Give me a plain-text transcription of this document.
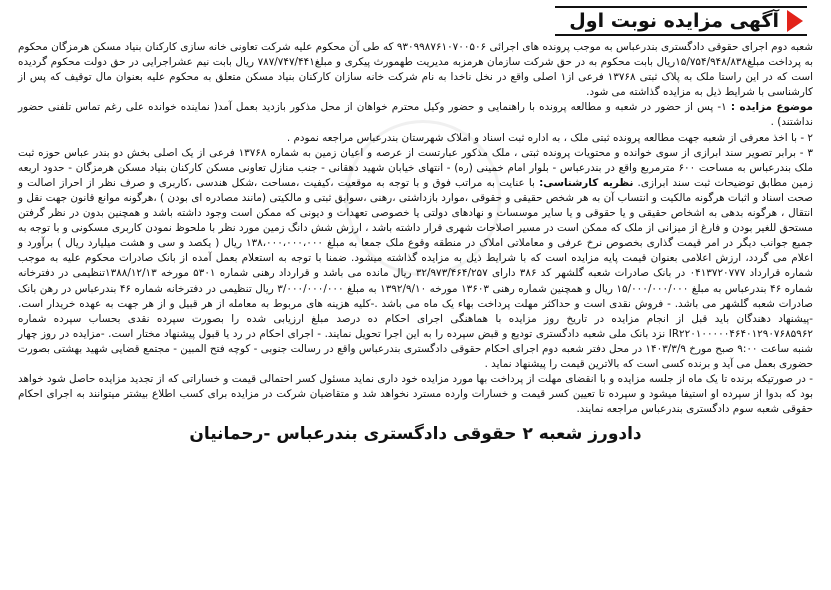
آگهی مزایده نوبت اول

شعبه دوم اجرای حقوقی دادگستری بندرعباس به موجب پرونده های اجرائی ۹۳۰۹۹۸۷۶۱۰۷۰۰۵۰۶ که طی آن محکوم علیه شرکت تعاونی خانه سازی کارکنان بنیاد مسکن هرمزگان محکوم به پرداخت مبلغ۱۵/۷۵۴/۹۴۸/۸۳۸ریال بابت محکوم به در حق شرکت سازمان هرمزبه مدیریت طهمورث پیکری و مبلغ۷۸۷/۷۴۷/۴۴۱ ریال بابت نیم عشراجرایی در حق دولت محکوم گردیده است که در این راستا ملک به پلاک ثبتی ۱۳۷۶۸ فرعی از۱ اصلی واقع در نخل ناخدا به نام شرکت خانه سازان کارکنان بنیاد مسکن متعلق به محکوم علیه بعنوان مال توقیف که پس از کارشناسی با شرایط ذیل به مزایده گذاشته می شود.

موضوع مزایده : ۱- پس از حضور در شعبه و مطالعه پرونده با راهنمایی و حضور وکیل محترم خواهان از محل مذکور بازدید بعمل آمد( نماینده خوانده علی رغم تماس تلفنی حضور نداشتند) .

۲ - با اخذ معرفی از شعبه جهت مطالعه پرونده ثبتی ملک ، به اداره ثبت اسناد و املاک شهرستان بندرعباس مراجعه نمودم .

۳ - برابر تصویر سند ابرازی از سوی خوانده و محتویات پرونده ثبتی ، ملک مذکور عبارتست از عرصه و اعیان زمین به شماره ۱۳۷۶۸ فرعی از یک اصلی بخش دو بندر عباس حوزه ثبت ملک بندرعباس به مساحت ۶۰۰ مترمربع واقع در بندرعباس - بلوار امام خمینی (ره) - انتهای خیابان شهید دهقانی - جنب منازل تعاونی مسکن کارکنان بنیاد مسکن هرمزگان - حدود اربعه زمین مطابق توضیحات ثبت سند ابرازی. نظریه کارشناسی: با عنایت به مراتب فوق و با توجه به موقعیت ،کیفیت ،مساحت ،شکل هندسی ،کاربری و صرف نظر از احراز اصالت و صحت اسناد و اثبات هرگونه مالکیت و انتساب آن به هر شخص حقیقی و حقوقی ،موارد بازداشتی ،رهنی ،سوابق ثبتی و مالکیتی (مانند مصادره ای بودن ) ،هرگونه موانع قانون جهت نقل و انتقال ، هرگونه بدهی به اشخاص حقیقی و یا حقوقی و یا سایر موسسات و نهادهای دولتی یا خصوصی تعهدات و دیونی که ممکن است وجود داشته باشد و همچنین بدون در نظر گرفتن مستحق للغیر بودن و فارغ از میزانی از ملک که ممکن است در مسیر اصلاحات شهری قرار داشته باشد ، ارزش شش دانگ زمین مورد نظر با ملحوظ نمودن کاربری مسکونی و با توجه به جمیع جوانب دیگر در امر قیمت گذاری بخصوص نرخ عرفی و معاملاتی املاک در منطقه وقوع ملک جمعا به مبلغ ۱۳۸،۰۰۰،۰۰۰،۰۰۰ ریال ( یکصد و سی و هشت میلیارد ریال ) برآورد و اعلام می گردد، ارزش اعلامی بعنوان قیمت پایه مزایده است که با شرایط ذیل به مزایده گذاشته میشود. ضمنا با توجه به استعلام بعمل آمده از بانک صادرات محکوم علیه به موجب شماره قرارداد ۰۴۱۳۷۲۰۷۷۷ در بانک صادرات شعبه گلشهر کد ۳۸۶ دارای ۳۲/۹۷۳/۴۶۴/۲۵۷ ریال مانده می باشد و قرارداد رهنی شماره ۵۳۰۱ مورخه ۱۳۸۸/۱۲/۱۳تنظیمی در دفترخانه شماره ۴۶ بندرعباس به مبلغ ۱۵/۰۰۰/۰۰۰/۰۰۰ ریال و همچنین شماره رهنی ۱۳۶۰۳ مورخه ۱۳۹۲/۹/۱۰ به مبلغ ۳/۰۰۰/۰۰۰/۰۰۰ ریال تنظیمی در دفترخانه شماره ۴۶ بندرعباس در رهن بانک صادرات شعبه گلشهر می باشد. - فروش نقدی است و حداکثر مهلت پرداخت بهاء یک ماه می باشد .-کلیه هزینه های مربوط به معامله از هر قبیل و از هر جهت به عهده خریدار است. -پیشنهاد دهندگان باید قبل از انجام مزایده در تاریخ روز مزایده با هماهنگی اجرای احکام ده درصد مبلغ ارزیابی شده را بصورت سپرده نقدی بحساب سپرده شماره IR۲۲۰۱۰۰۰۰۰۴۶۴۰۱۲۹۰۷۶۸۵۹۶۲ نزد بانک ملی شعبه دادگستری تودیع و قبض سپرده را به این اجرا تحویل نمایند. - اجرای احکام در رد یا قبول پیشنهاد مختار است. -مزایده در روز چهار شنبه ساعت ۹:۰۰ صبح مورخ ۱۴۰۳/۳/۹ در محل دفتر شعبه دوم اجرای احکام حقوقی دادگستری بندرعباس واقع در رسالت جنوبی - کوچه فتح المبین - مجتمع قضایی شهید بهشتی بصورت حضوری بعمل می آید و برنده کسی است که بالاترین قیمت را پیشنهاد نماید .

- در صورتیکه برنده تا یک ماه از جلسه مزایده و با انقضای مهلت از پرداخت بها مورد مزایده خود داری نماید مسئول کسر احتمالی قیمت و خساراتی که از تجدید مزایده حاصل شود خواهد بود که بدوا از سپرده او استیفا میشود و سپرده تا تعیین کسر قیمت و خسارات وارده مسترد نخواهد شد و متقاضیان شرکت در مزایده برای کسب اطلاع بیشتر میتوانند به اجرای احکام حقوقی شعبه سوم دادگستری بندرعباس مراجعه نمایند.

دادورز شعبه ۲ حقوقی دادگستری بندرعباس -رحمانیان
